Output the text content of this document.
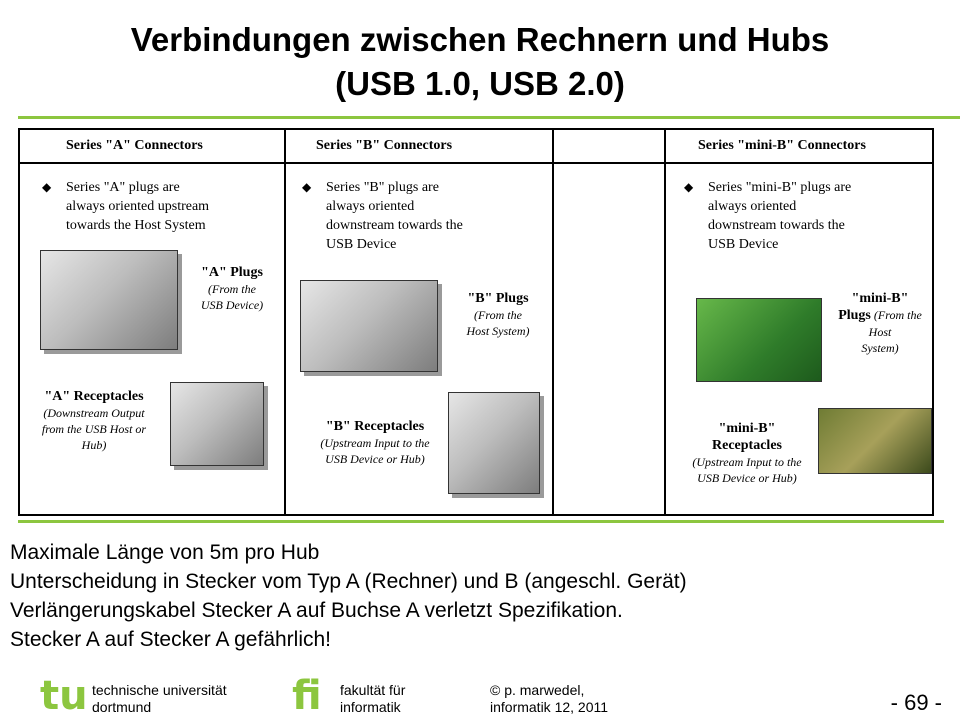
Verbindungen zwischen Rechnern und Hubs
(USB 1.0, USB 2.0)
Series "A" Connectors
◆ Series "A" plugs are
always oriented upstream
towards the Host System
"A" Plugs
(From the
USB Device)
"A" Receptacles
(Downstream Output
from the USB Host or
Hub)
Series "B" Connectors
◆ Series "B" plugs are
always oriented
downstream towards the
USB Device
"B" Plugs
(From the
Host System)
"B" Receptacles
(Upstream Input to the
USB Device or Hub)
Series "mini-B" Connectors
◆ Series "mini-B" plugs are
always oriented
downstream towards the
USB Device
"mini-B"
Plugs (From the
Host
System)
"mini-B"
Receptacles
(Upstream Input to the
USB Device or Hub)
Maximale Länge von 5m pro Hub
Unterscheidung in Stecker vom Typ A (Rechner) und B (angeschl. Gerät)
Verlängerungskabel Stecker A auf Buchse A verletzt Spezifikation.
Stecker A auf Stecker A gefährlich!
tu technische universität
dortmund	fi fakultät für
informatik
© p. marwedel,
informatik 12, 2011	- 69 -
